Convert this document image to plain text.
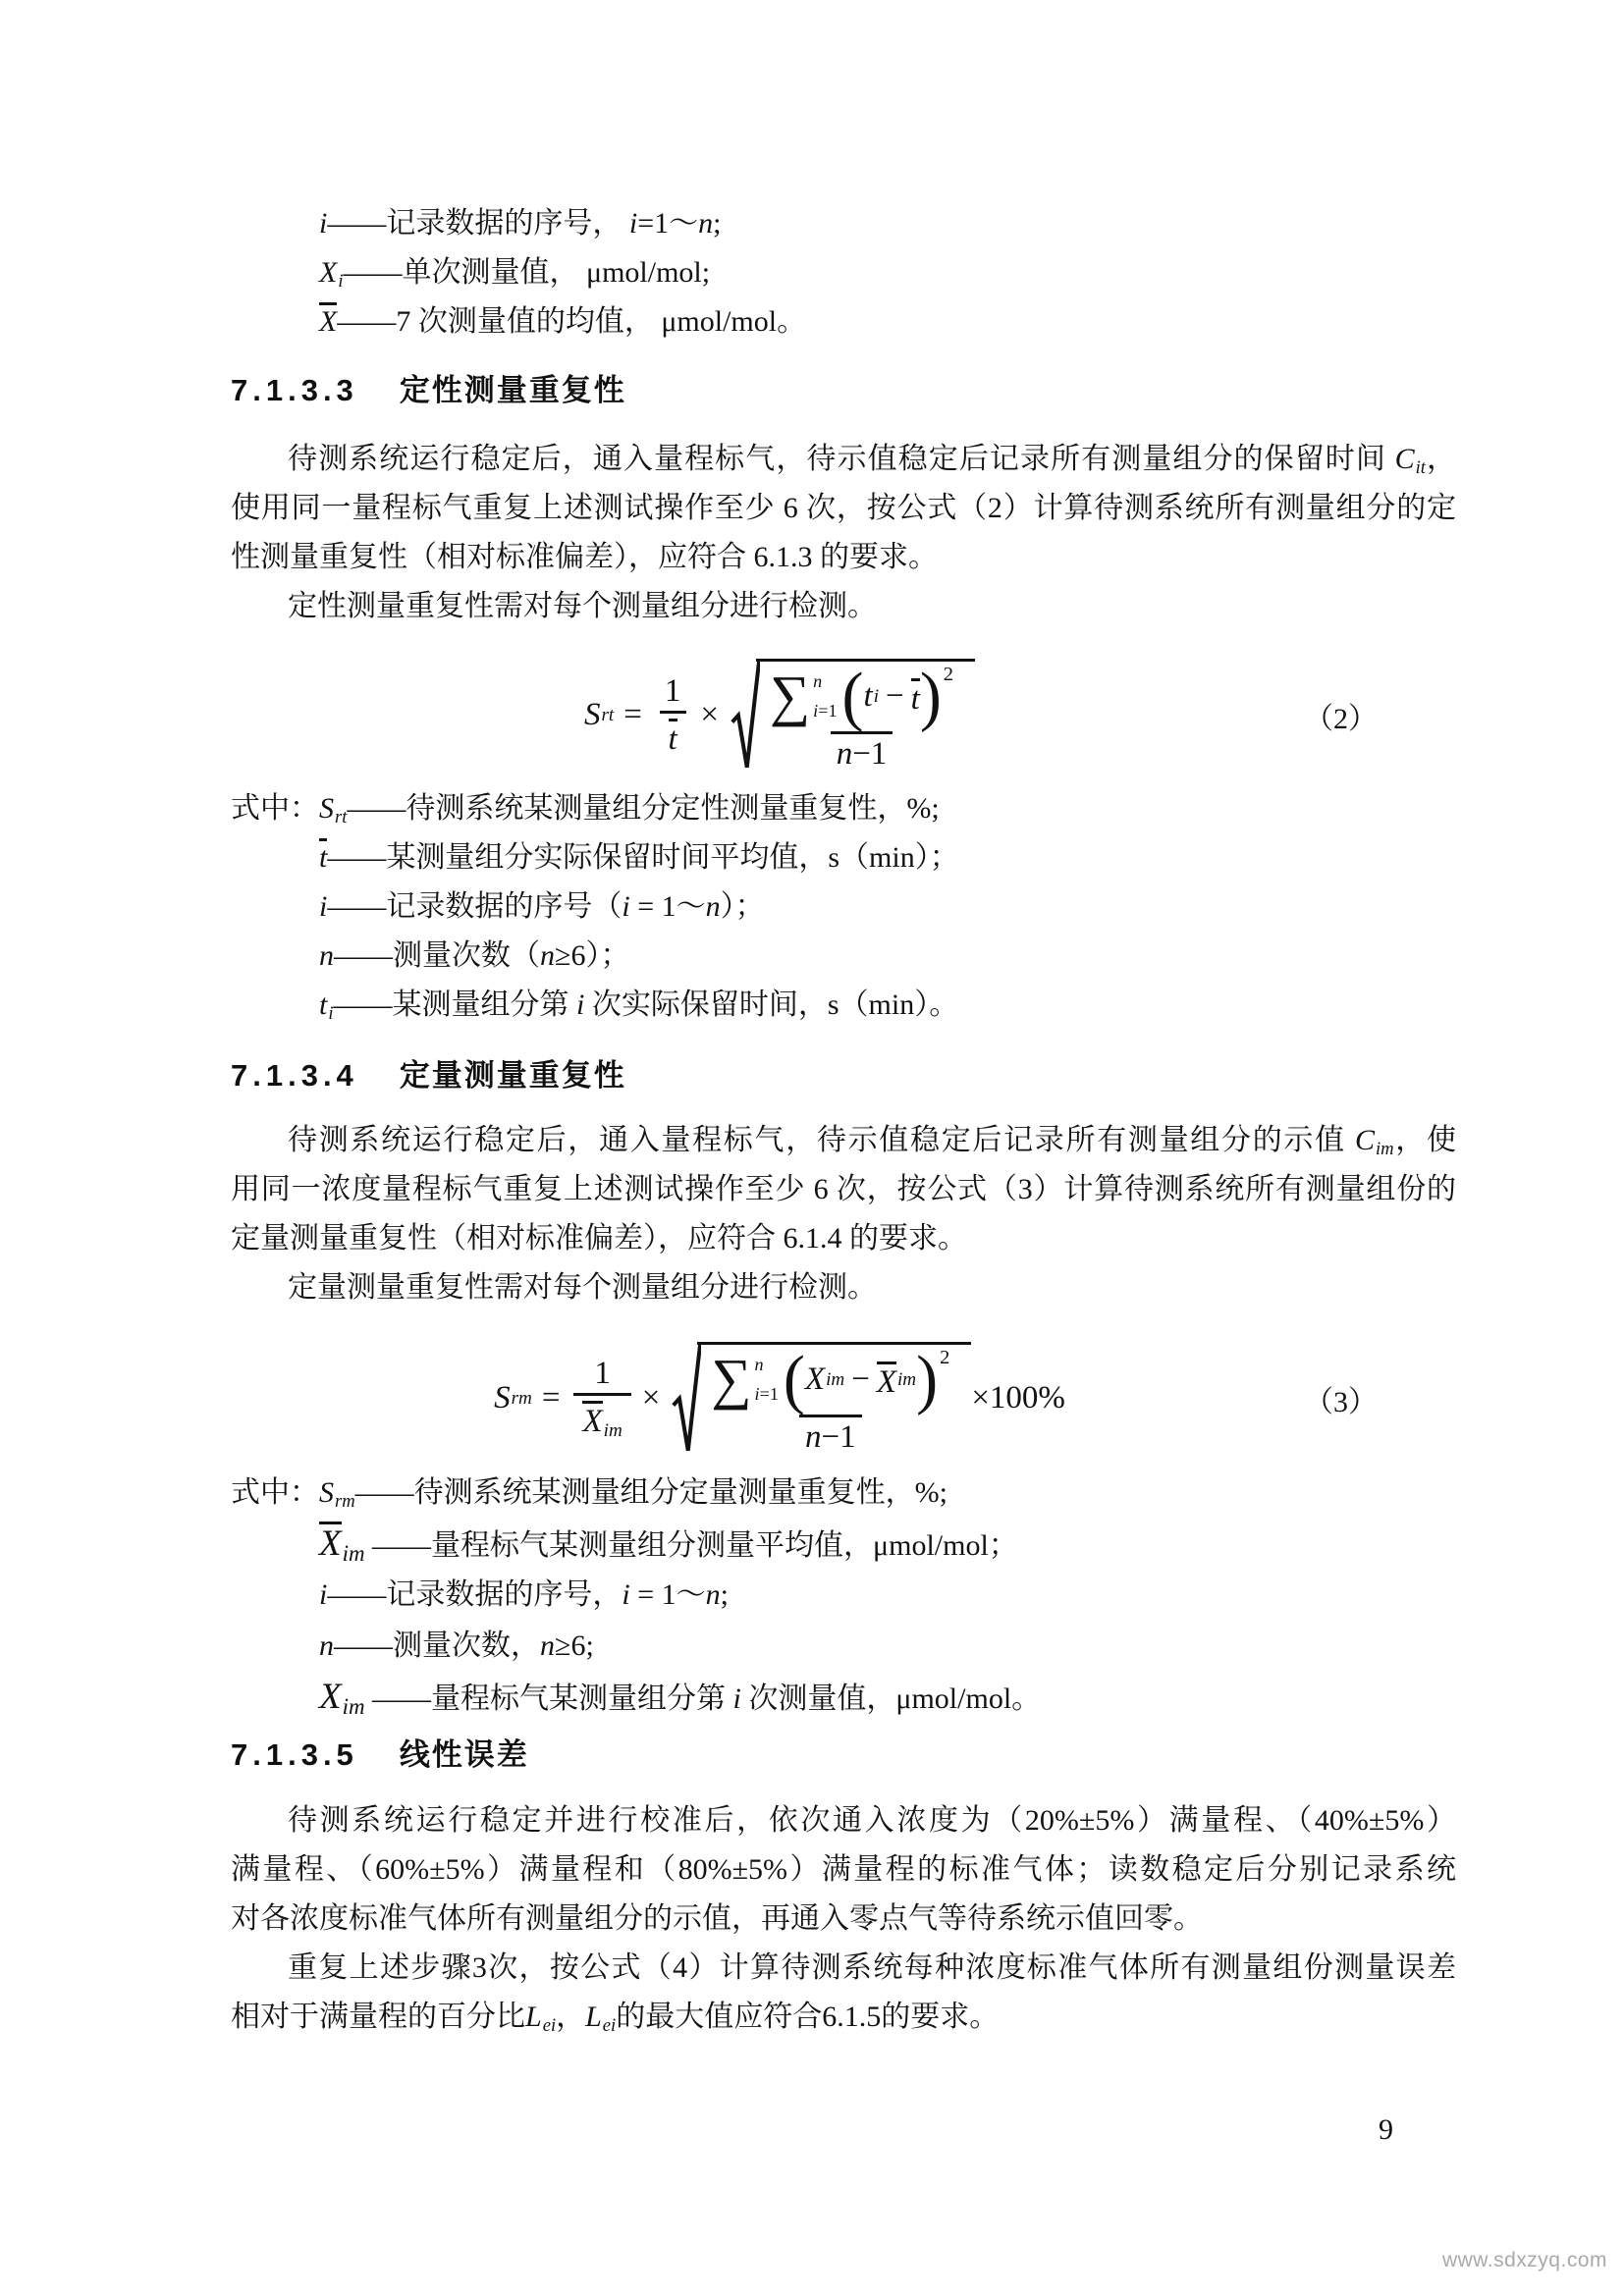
i——记录数据的序号， i=1～n;
Xi——单次测量值， μmol/mol;
X——7 次测量值的均值， μmol/mol。
7.1.3.3 定性测量重复性
待测系统运行稳定后，通入量程标气，待示值稳定后记录所有测量组分的保留时间 Cit，
使用同一量程标气重复上述测试操作至少 6 次，按公式（2）计算待测系统所有测量组分的定
性测量重复性（相对标准偏差），应符合 6.1.3 的要求。
定性测量重复性需对每个测量组分进行检测。
S rt = $\frac{1}{t}$ × ∑ n
i=1 ( t i − t ) 2
n−1
（2）
式中： Srt——待测系统某测量组分定性测量重复性，%;
t——某测量组分实际保留时间平均值，s（min）；
i——记录数据的序号（i = 1～n）；
n——测量次数（n≥6）；
ti——某测量组分第 i 次实际保留时间，s（min）。
7.1.3.4 定量测量重复性
待测系统运行稳定后，通入量程标气，待示值稳定后记录所有测量组分的示值 Cim，使
用同一浓度量程标气重复上述测试操作至少 6 次，按公式（3）计算待测系统所有测量组份的
定量测量重复性（相对标准偏差），应符合 6.1.4 的要求。
定量测量重复性需对每个测量组分进行检测。
S rm =
1
Xim
× ∑ n
i=1 ( X im − X im ) 2
n−1
×100%	（3）
式中： Srm——待测系统某测量组分定量测量重复性，%;
Xim ——量程标气某测量组分测量平均值，μmol/mol；
i——记录数据的序号，i = 1～n;
n——测量次数，n≥6;
Xim ——量程标气某测量组分第 i 次测量值，μmol/mol。
7.1.3.5 线性误差
待测系统运行稳定并进行校准后，依次通入浓度为（20%±5%）满量程、（40%±5%）
满量程、（60%±5%）满量程和（80%±5%）满量程的标准气体；读数稳定后分别记录系统
对各浓度标准气体所有测量组分的示值，再通入零点气等待系统示值回零。
重复上述步骤3次，按公式（4）计算待测系统每种浓度标准气体所有测量组份测量误差
相对于满量程的百分比Lei，Lei的最大值应符合6.1.5的要求。
9
www.sdxzyq.com
